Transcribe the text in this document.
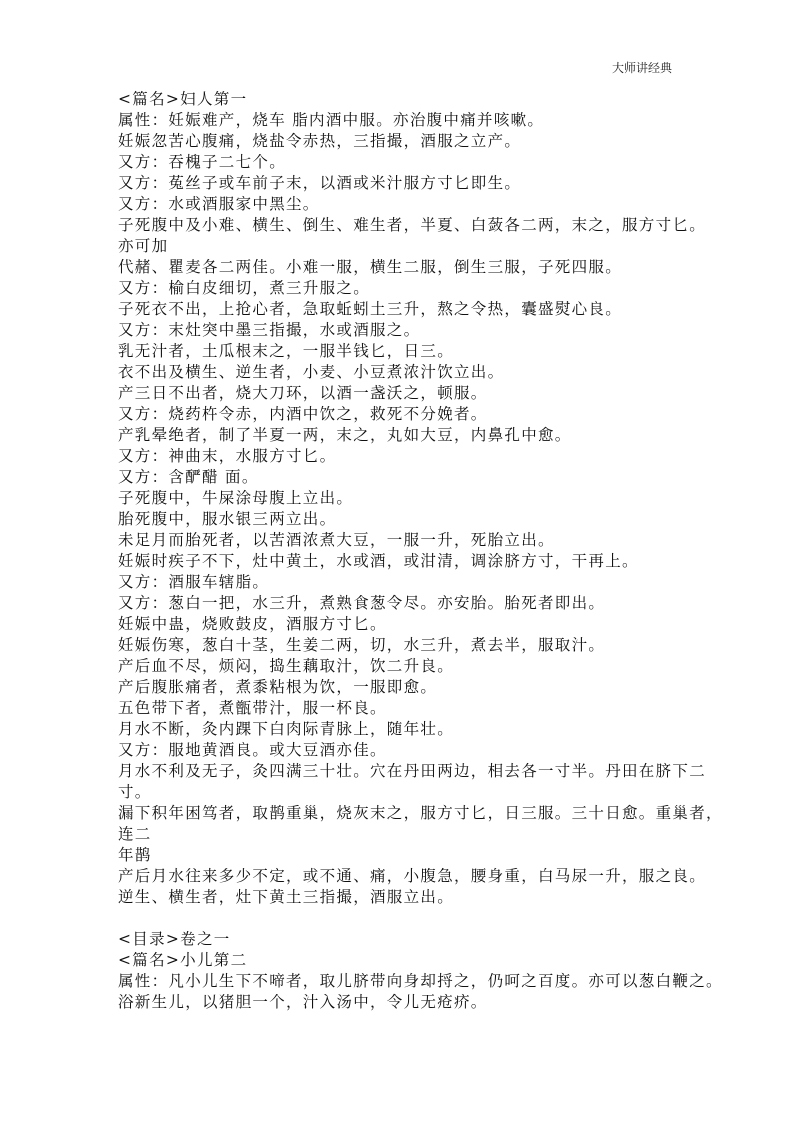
大师讲经典
<篇名>妇人第一
属性：妊娠难产，烧车 脂内酒中服。亦治腹中痛并咳嗽。
妊娠忽苦心腹痛，烧盐令赤热，三指撮，酒服之立产。
又方：吞槐子二七个。
又方：菟丝子或车前子末，以酒或米汁服方寸匕即生。
又方：水或酒服家中黑尘。
子死腹中及小难、横生、倒生、难生者，半夏、白蔹各二两，末之，服方寸匕。
亦可加
代赭、瞿麦各二两佳。小难一服，横生二服，倒生三服，子死四服。
又方：榆白皮细切，煮三升服之。
子死衣不出，上抢心者，急取蚯蚓土三升，熬之令热，囊盛熨心良。
又方：末灶突中墨三指撮，水或酒服之。
乳无汁者，土瓜根末之，一服半钱匕，日三。
衣不出及横生、逆生者，小麦、小豆煮浓汁饮立出。
产三日不出者，烧大刀环，以酒一盏沃之，顿服。
又方：烧药杵令赤，内酒中饮之，救死不分娩者。
产乳晕绝者，制了半夏一两，末之，丸如大豆，内鼻孔中愈。
又方：神曲末，水服方寸匕。
又方：含酽醋 面。
子死腹中，牛屎涂母腹上立出。
胎死腹中，服水银三两立出。
未足月而胎死者，以苦酒浓煮大豆，一服一升，死胎立出。
妊娠时疾子不下，灶中黄土，水或酒，或泔清，调涂脐方寸，干再上。
又方：酒服车辖脂。
又方：葱白一把，水三升，煮熟食葱令尽。亦安胎。胎死者即出。
妊娠中蛊，烧败鼓皮，酒服方寸匕。
妊娠伤寒，葱白十茎，生姜二两，切，水三升，煮去半，服取汁。
产后血不尽，烦闷，捣生藕取汁，饮二升良。
产后腹胀痛者，煮黍粘根为饮，一服即愈。
五色带下者，煮甑带汁，服一杯良。
月水不断，灸内踝下白肉际青脉上，随年壮。
又方：服地黄酒良。或大豆酒亦佳。
月水不利及无子，灸四满三十壮。穴在丹田两边，相去各一寸半。丹田在脐下二
寸。
漏下积年困笃者，取鹊重巢，烧灰末之，服方寸匕，日三服。三十日愈。重巢者，
连二
年鹊
产后月水往来多少不定，或不通、痛，小腹急，腰身重，白马尿一升，服之良。
逆生、横生者，灶下黄土三指撮，酒服立出。
<目录>卷之一
<篇名>小儿第二
属性：凡小儿生下不啼者，取儿脐带向身却捋之，仍呵之百度。亦可以葱白鞭之。
浴新生儿，以猪胆一个，汁入汤中，令儿无疮疥。
